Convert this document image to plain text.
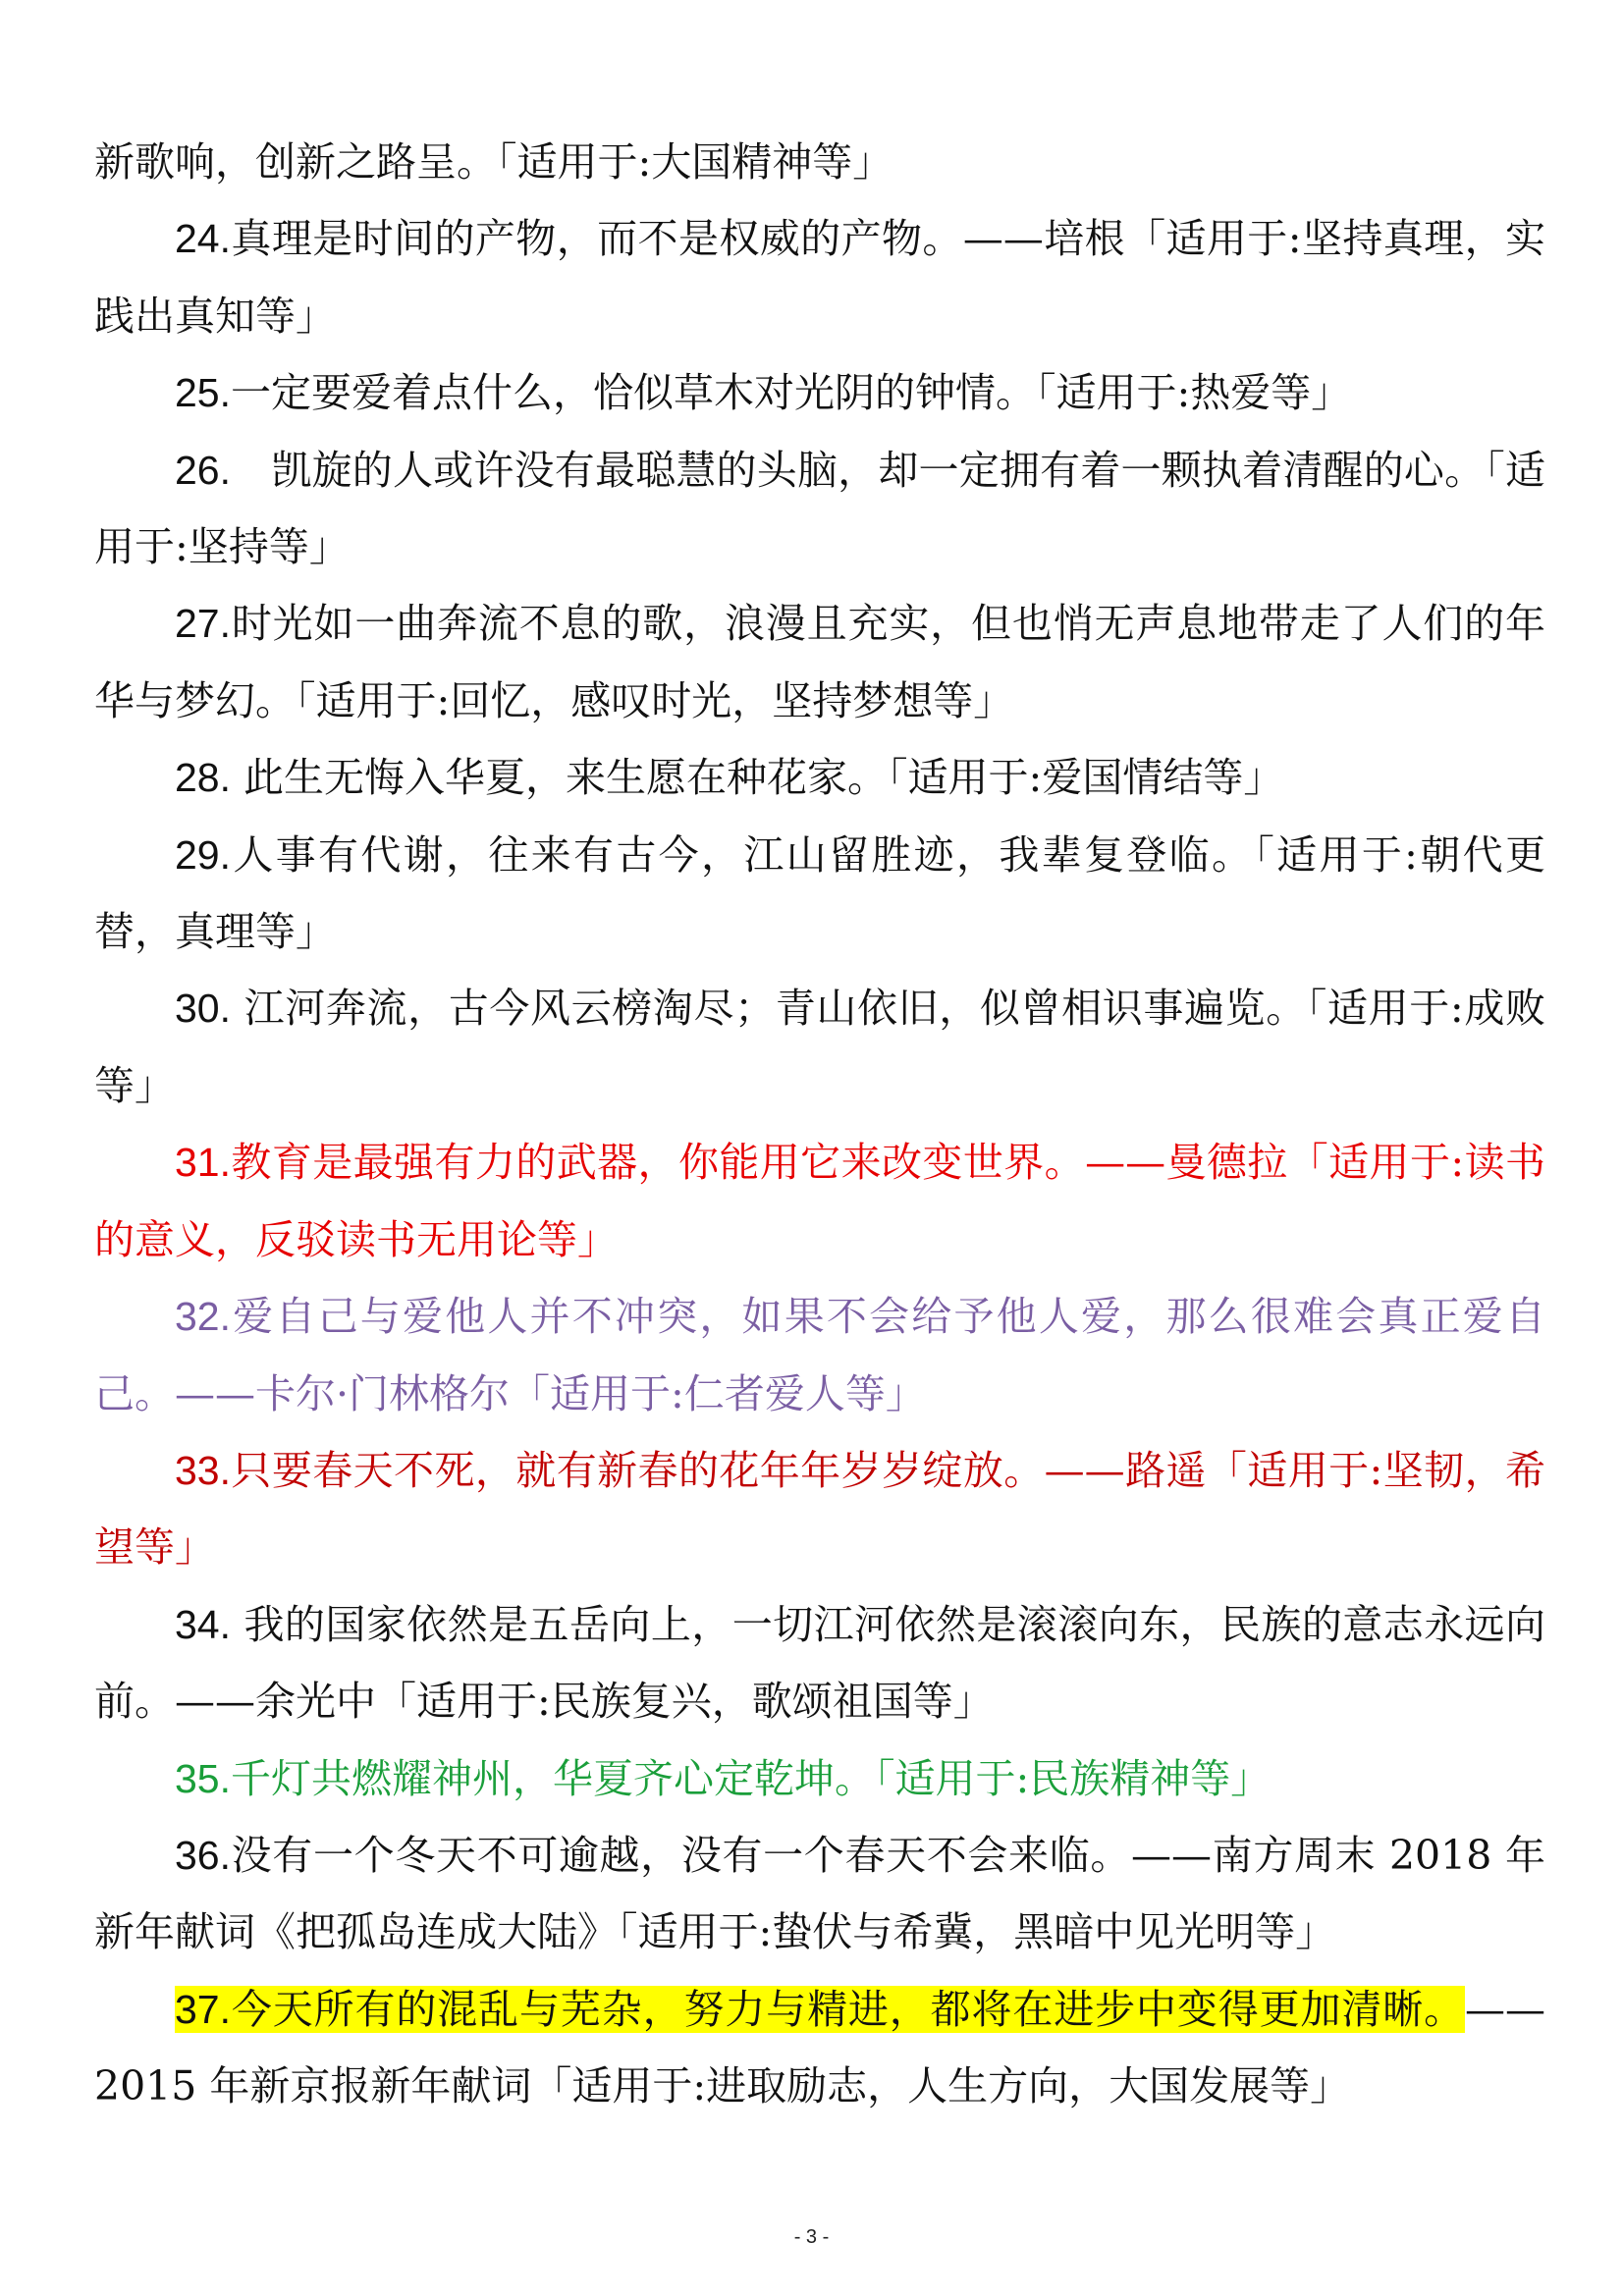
新歌响，创新之路呈。「适用于:大国精神等」

24.真理是时间的产物，而不是权威的产物。——培根「适用于:坚持真理，实践出真知等」

25.一定要爱着点什么，恰似草木对光阴的钟情。「适用于:热爱等」

26.　凯旋的人或许没有最聪慧的头脑，却一定拥有着一颗执着清醒的心。「适用于:坚持等」

27.时光如一曲奔流不息的歌，浪漫且充实，但也悄无声息地带走了人们的年华与梦幻。「适用于:回忆，感叹时光，坚持梦想等」

28. 此生无悔入华夏，来生愿在种花家。「适用于:爱国情结等」

29.人事有代谢，往来有古今，江山留胜迹，我辈复登临。「适用于:朝代更替，真理等」

30. 江河奔流，古今风云榜淘尽；青山依旧，似曾相识事遍览。「适用于:成败等」

31.教育是最强有力的武器，你能用它来改变世界。——曼德拉「适用于:读书的意义，反驳读书无用论等」

32.爱自己与爱他人并不冲突，如果不会给予他人爱，那么很难会真正爱自己。——卡尔·门林格尔「适用于:仁者爱人等」

33.只要春天不死，就有新春的花年年岁岁绽放。——路遥「适用于:坚韧，希望等」

34. 我的国家依然是五岳向上，一切江河依然是滚滚向东，民族的意志永远向前。——余光中「适用于:民族复兴，歌颂祖国等」

35.千灯共燃耀神州，华夏齐心定乾坤。「适用于:民族精神等」

36.没有一个冬天不可逾越，没有一个春天不会来临。——南方周末 2018 年新年献词《把孤岛连成大陆》「适用于:蛰伏与希冀，黑暗中见光明等」

37.今天所有的混乱与芜杂，努力与精进，都将在进步中变得更加清晰。——2015 年新京报新年献词「适用于:进取励志，人生方向，大国发展等」

- 3 -
